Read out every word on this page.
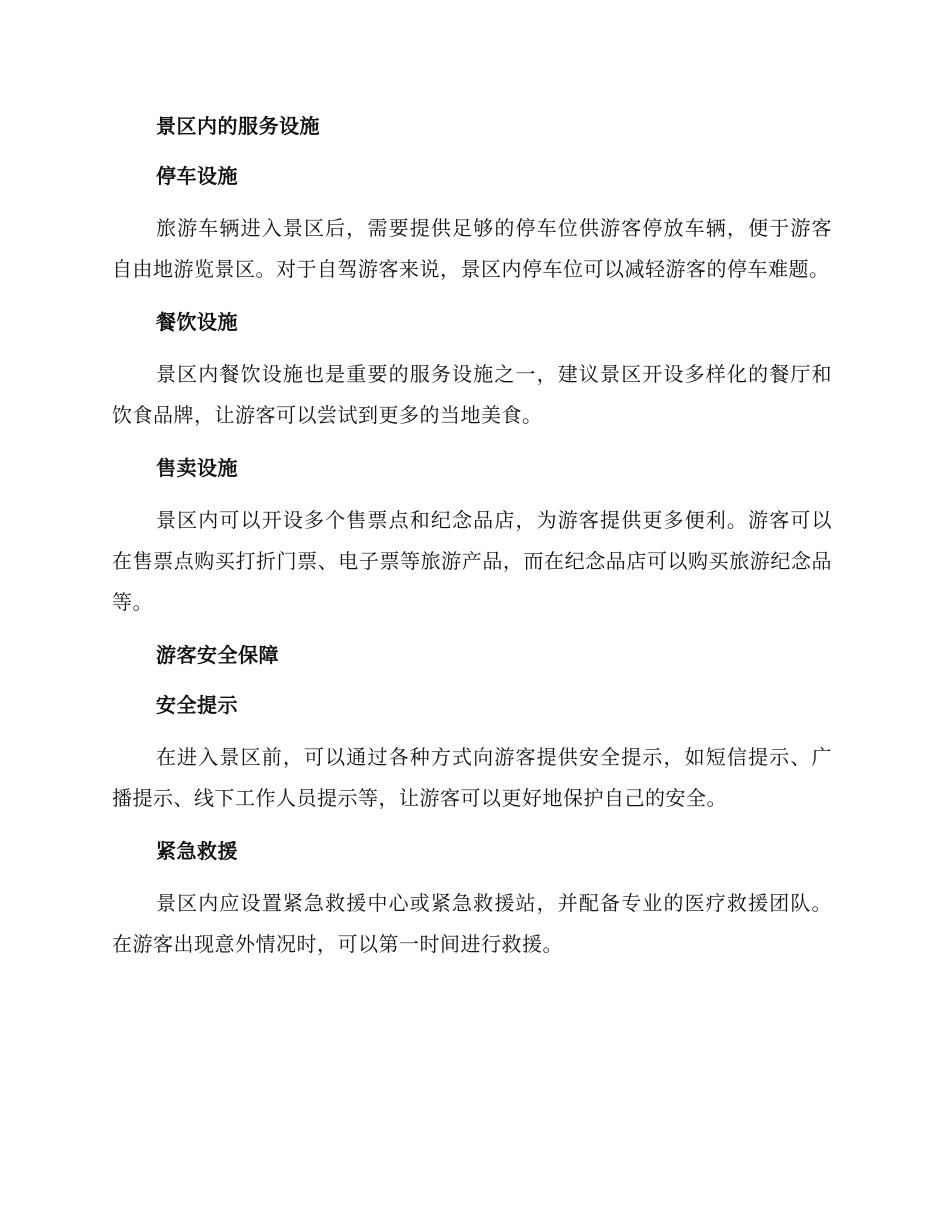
景区内的服务设施
停车设施

旅游车辆进入景区后，需要提供足够的停车位供游客停放车辆，便于游客自由地游览景区。对于自驾游客来说，景区内停车位可以减轻游客的停车难题。

餐饮设施

景区内餐饮设施也是重要的服务设施之一，建议景区开设多样化的餐厅和饮食品牌，让游客可以尝试到更多的当地美食。

售卖设施

景区内可以开设多个售票点和纪念品店，为游客提供更多便利。游客可以在售票点购买打折门票、电子票等旅游产品，而在纪念品店可以购买旅游纪念品等。

游客安全保障
安全提示

在进入景区前，可以通过各种方式向游客提供安全提示，如短信提示、广播提示、线下工作人员提示等，让游客可以更好地保护自己的安全。

紧急救援

景区内应设置紧急救援中心或紧急救援站，并配备专业的医疗救援团队。在游客出现意外情况时，可以第一时间进行救援。
